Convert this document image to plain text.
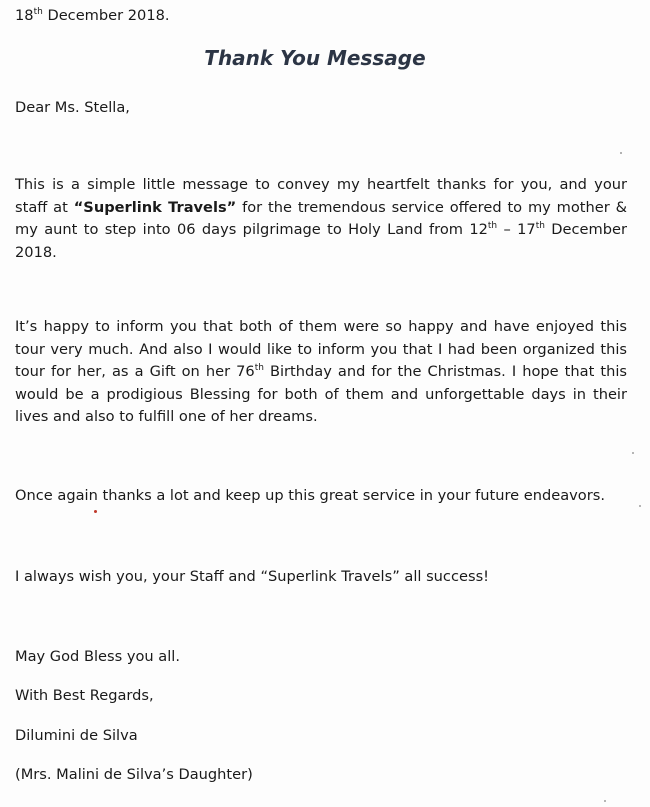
18th December 2018.
Thank You Message
Dear Ms. Stella,
This is a simple little message to convey my heartfelt thanks for you, and your staff at “Superlink Travels” for the tremendous service offered to my mother & my aunt to step into 06 days pilgrimage to Holy Land from 12th – 17th December 2018.
It’s happy to inform you that both of them were so happy and have enjoyed this tour very much. And also I would like to inform you that I had been organized this tour for her, as a Gift on her 76th Birthday and for the Christmas. I hope that this would be a prodigious Blessing for both of them and unforgettable days in their lives and also to fulfill one of her dreams.
Once again thanks a lot and keep up this great service in your future endeavors.
I always wish you, your Staff and “Superlink Travels” all success!
May God Bless you all.
With Best Regards,
Dilumini de Silva
(Mrs. Malini de Silva’s Daughter)
